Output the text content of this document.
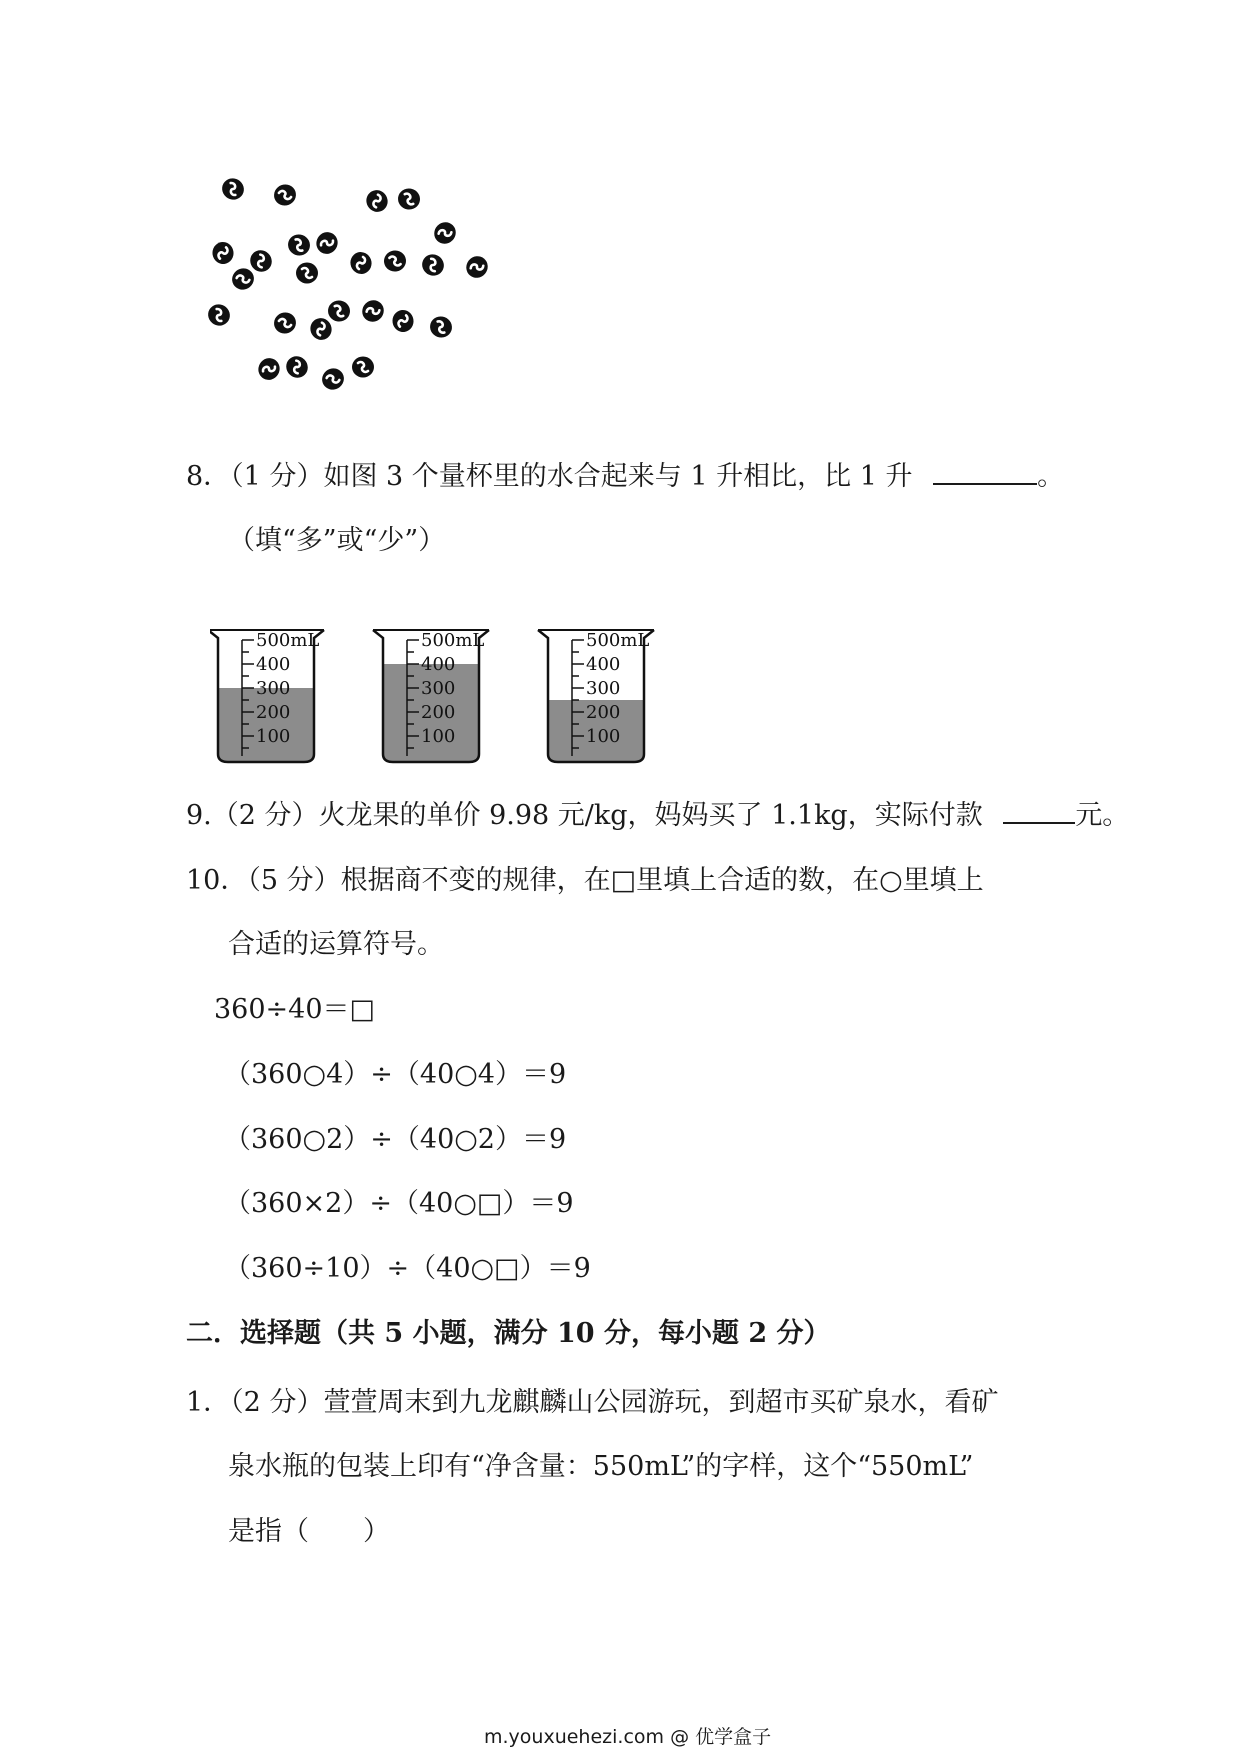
8．（1 分）如图 3 个量杯里的水合起来与 1 升相比，比 1 升	。
（填“多”或“少”）
500mL
400
300
200
100
500mL
400
300
200
100
500mL
400
300
200
100
9.（2 分）火龙果的单价 9.98 元/kg，妈妈买了 1.1kg，实际付款	元。
10．（5 分）根据商不变的规律，在□里填上合适的数，在○里填上
合适的运算符号。
360÷40＝□
（360○4）÷（40○4）＝9
（360○2）÷（40○2）＝9
（360×2）÷（40○□）＝9
（360÷10）÷（40○□）＝9
二．选择题（共 5 小题，满分 10 分，每小题 2 分）
1．（2 分）萱萱周末到九龙麒麟山公园游玩，到超市买矿泉水，看矿
泉水瓶的包装上印有“净含量：550mL”的字样，这个“550mL”
是指（　　）
m.youxuehezi.com @ 优学盒子
